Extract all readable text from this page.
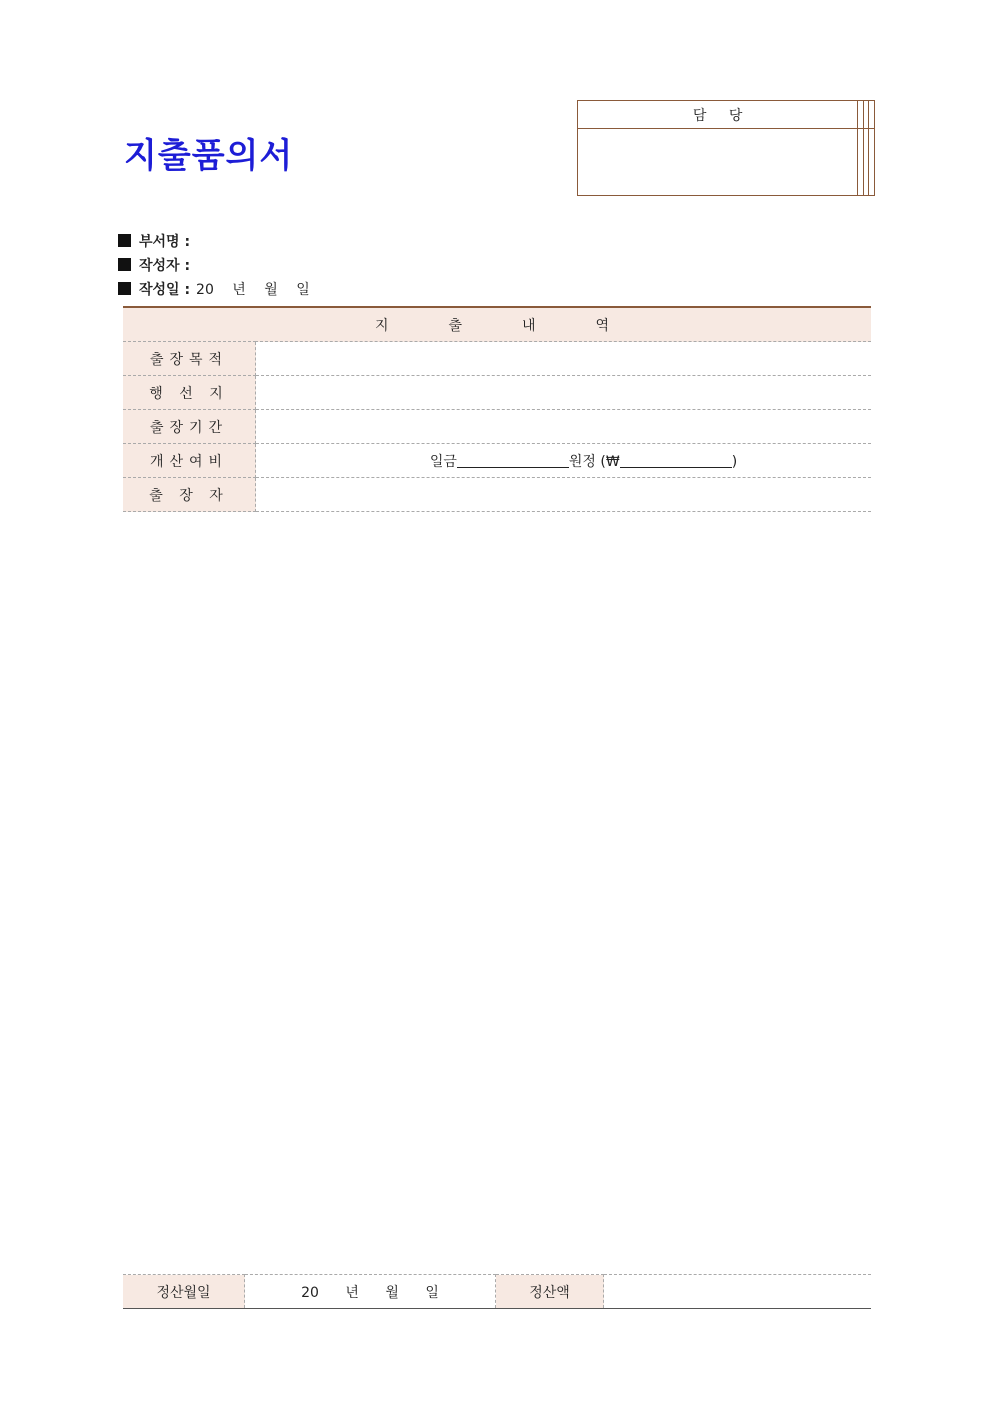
지출품의서
담 당			

부서명 :
작성자 :
작성일 : 20 년 월 일
지출내역	
출장목적	
행 선 지	
출장기간	
개산여비	일금 원정 (₩ )
출 장 자	
정산월일	20 년 월 일	정산액	
